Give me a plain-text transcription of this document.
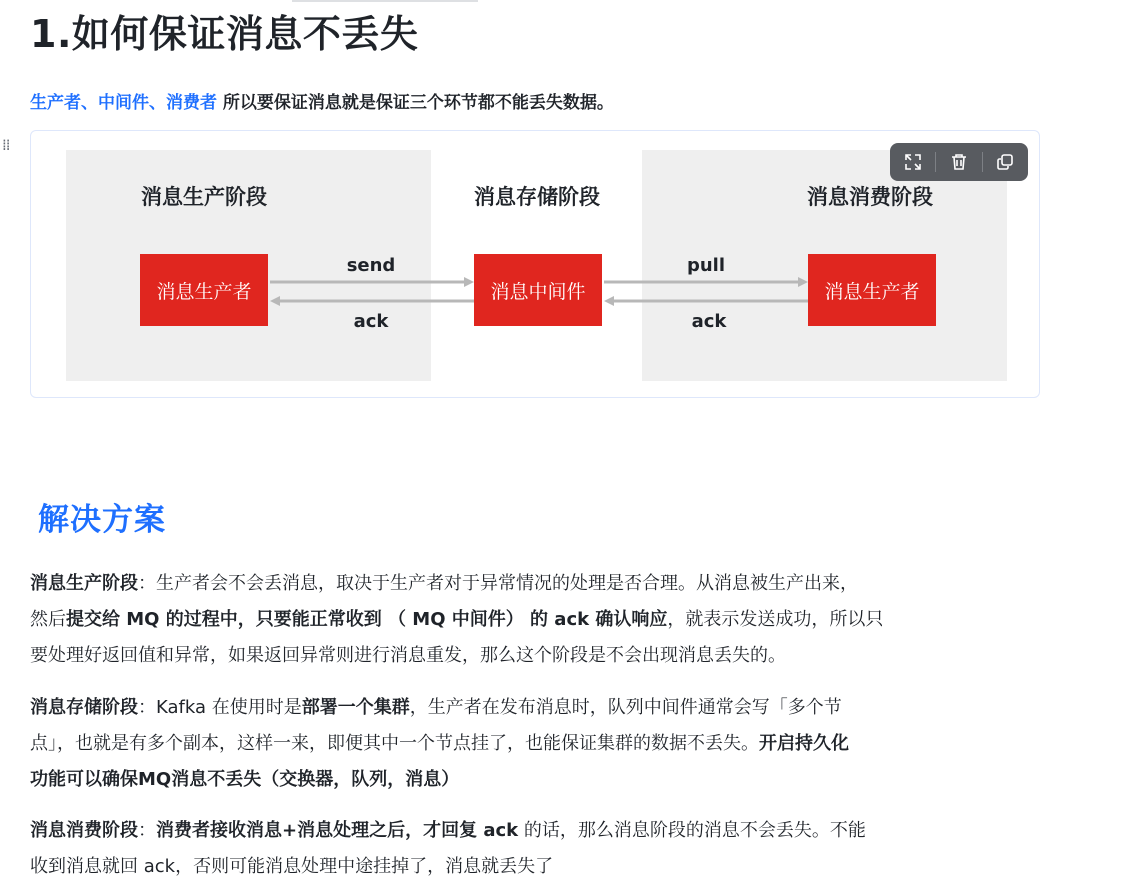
1.如何保证消息不丢失
生产者、中间件、消费者 所以要保证消息就是保证三个环节都不能丢失数据。
⁞⁞
消息生产阶段	消息存储阶段	消息消费阶段
消息生产者	消息中间件	消息生产者
send
ack
pull
ack
解决方案
消息生产阶段：生产者会不会丢消息，取决于生产者对于异常情况的处理是否合理。从消息被生产出来，
然后提交给 MQ 的过程中，只要能正常收到 （ MQ 中间件） 的 ack 确认响应，就表示发送成功，所以只
要处理好返回值和异常，如果返回异常则进行消息重发，那么这个阶段是不会出现消息丢失的。
消息存储阶段：Kafka 在使用时是部署一个集群，生产者在发布消息时，队列中间件通常会写「多个节
点」，也就是有多个副本，这样一来，即便其中一个节点挂了，也能保证集群的数据不丢失。开启持久化
功能可以确保MQ消息不丢失（交换器，队列，消息）
消息消费阶段：消费者接收消息+消息处理之后，才回复 ack 的话，那么消息阶段的消息不会丢失。不能
收到消息就回 ack，否则可能消息处理中途挂掉了，消息就丢失了
